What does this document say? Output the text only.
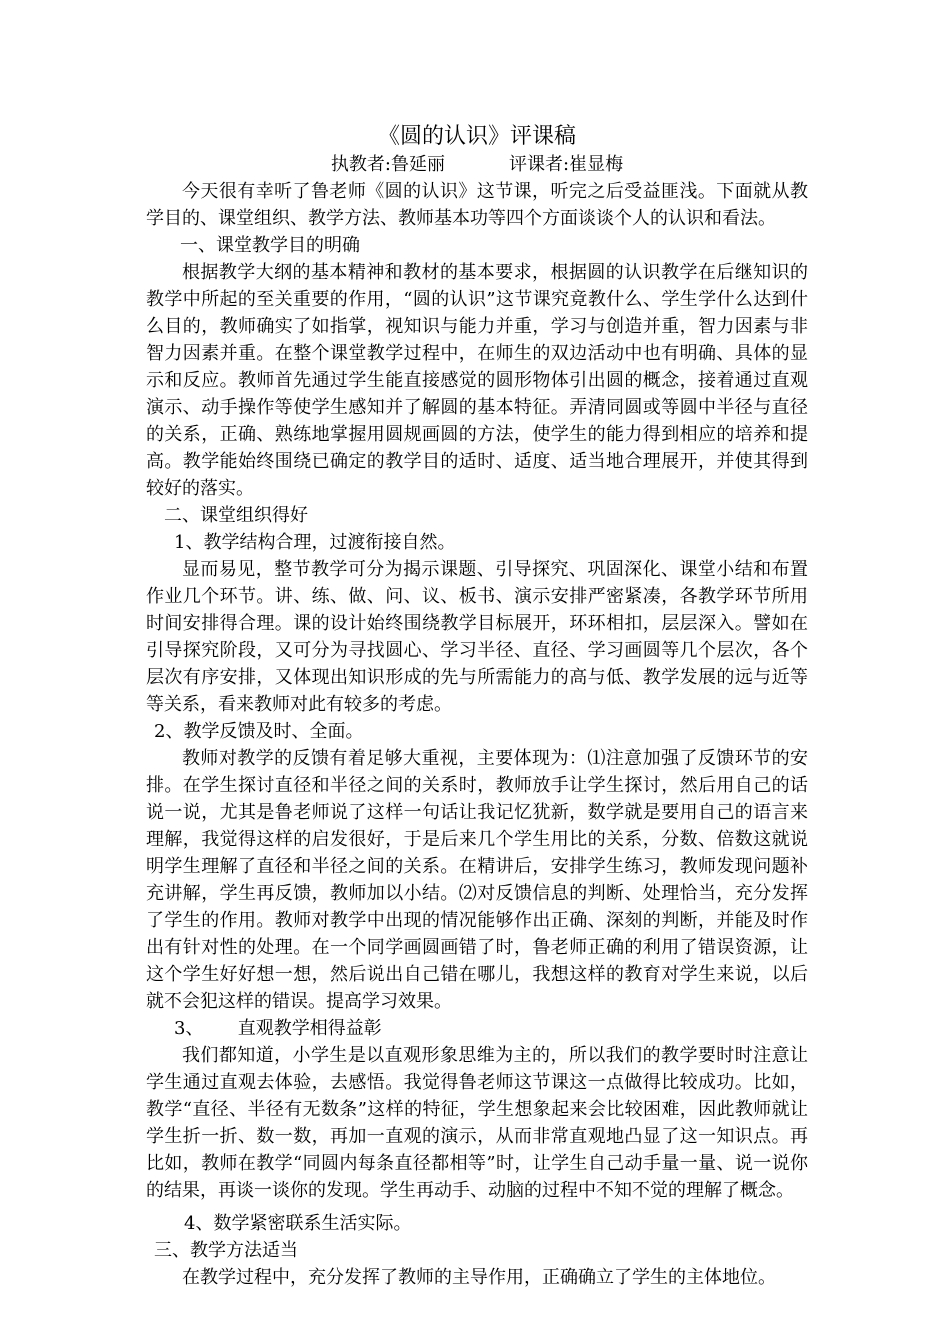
《圆的认识》评课稿
执教者:鲁延丽	评课者:崔显梅

今天很有幸听了鲁老师《圆的认识》这节课，听完之后受益匪浅。下面就从教学目的、课堂组织、教学方法、教师基本功等四个方面谈谈个人的认识和看法。

一、课堂教学目的明确

根据教学大纲的基本精神和教材的基本要求，根据圆的认识教学在后继知识的教学中所起的至关重要的作用，“圆的认识”这节课究竟教什么、学生学什么达到什么目的，教师确实了如指掌，视知识与能力并重，学习与创造并重，智力因素与非智力因素并重。在整个课堂教学过程中，在师生的双边活动中也有明确、具体的显示和反应。教师首先通过学生能直接感觉的圆形物体引出圆的概念，接着通过直观演示、动手操作等使学生感知并了解圆的基本特征。弄清同圆或等圆中半径与直径的关系，正确、熟练地掌握用圆规画圆的方法，使学生的能力得到相应的培养和提高。教学能始终围绕已确定的教学目的适时、适度、适当地合理展开，并使其得到较好的落实。

二、课堂组织得好

1、教学结构合理，过渡衔接自然。

显而易见，整节教学可分为揭示课题、引导探究、巩固深化、课堂小结和布置作业几个环节。讲、练、做、问、议、板书、演示安排严密紧凑，各教学环节所用时间安排得合理。课的设计始终围绕教学目标展开，环环相扣，层层深入。譬如在引导探究阶段，又可分为寻找圆心、学习半径、直径、学习画圆等几个层次，各个层次有序安排，又体现出知识形成的先与所需能力的高与低、教学发展的远与近等等关系，看来教师对此有较多的考虑。

2、教学反馈及时、全面。

教师对教学的反馈有着足够大重视，主要体现为：⑴注意加强了反馈环节的安排。在学生探讨直径和半径之间的关系时，教师放手让学生探讨，然后用自己的话说一说，尤其是鲁老师说了这样一句话让我记忆犹新，数学就是要用自己的语言来理解，我觉得这样的启发很好，于是后来几个学生用比的关系，分数、倍数这就说明学生理解了直径和半径之间的关系。在精讲后，安排学生练习，教师发现问题补充讲解，学生再反馈，教师加以小结。⑵对反馈信息的判断、处理恰当，充分发挥了学生的作用。教师对教学中出现的情况能够作出正确、深刻的判断，并能及时作出有针对性的处理。在一个同学画圆画错了时，鲁老师正确的利用了错误资源，让这个学生好好想一想，然后说出自己错在哪儿，我想这样的教育对学生来说，以后就不会犯这样的错误。提高学习效果。

3、      直观教学相得益彰

我们都知道，小学生是以直观形象思维为主的，所以我们的教学要时时注意让学生通过直观去体验，去感悟。我觉得鲁老师这节课这一点做得比较成功。比如，教学“直径、半径有无数条”这样的特征，学生想象起来会比较困难，因此教师就让学生折一折、数一数，再加一直观的演示，从而非常直观地凸显了这一知识点。再比如，教师在教学“同圆内每条直径都相等”时，让学生自己动手量一量、说一说你的结果，再谈一谈你的发现。学生再动手、动脑的过程中不知不觉的理解了概念。

4、数学紧密联系生活实际。

三、教学方法适当

在教学过程中，充分发挥了教师的主导作用，正确确立了学生的主体地位。
